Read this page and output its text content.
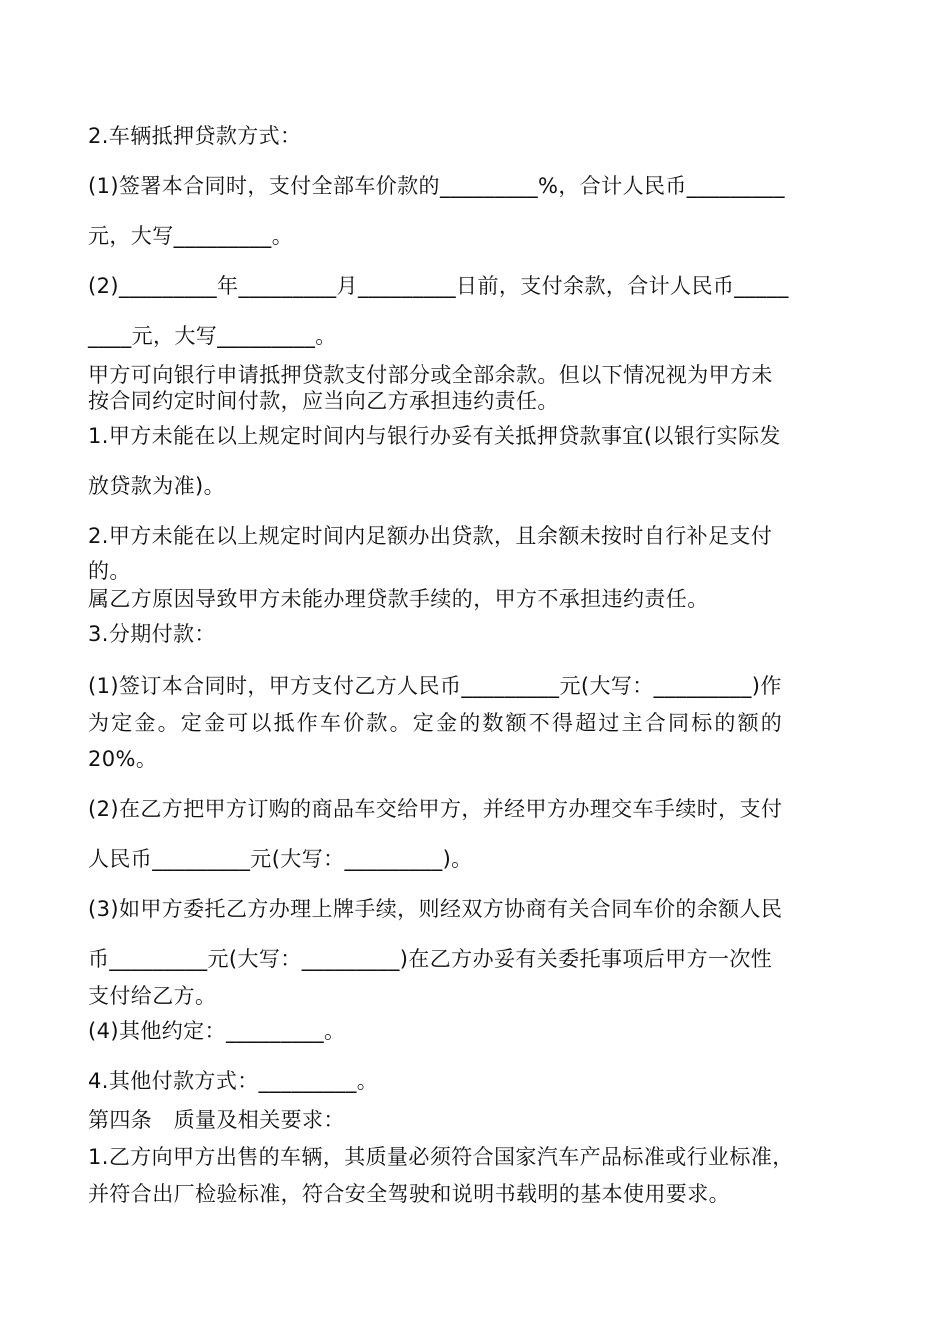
2.车辆抵押贷款方式：
(1)签署本合同时，支付全部车价款的_________%，合计人民币_________
元，大写_________。
(2)_________年_________月_________日前，支付余款，合计人民币_____
____元，大写_________。
甲方可向银行申请抵押贷款支付部分或全部余款。但以下情况视为甲方未
按合同约定时间付款，应当向乙方承担违约责任。
1.甲方未能在以上规定时间内与银行办妥有关抵押贷款事宜(以银行实际发
放贷款为准)。
2.甲方未能在以上规定时间内足额办出贷款，且余额未按时自行补足支付
的。
属乙方原因导致甲方未能办理贷款手续的，甲方不承担违约责任。
3.分期付款：
(1)签订本合同时，甲方支付乙方人民币_________元(大写：_________)作
为定金。定金可以抵作车价款。定金的数额不得超过主合同标的额的
20%。
(2)在乙方把甲方订购的商品车交给甲方，并经甲方办理交车手续时，支付
人民币_________元(大写：_________)。
(3)如甲方委托乙方办理上牌手续，则经双方协商有关合同车价的余额人民
币_________元(大写：_________)在乙方办妥有关委托事项后甲方一次性
支付给乙方。
(4)其他约定：_________。
4.其他付款方式：_________。
第四条　质量及相关要求：
1.乙方向甲方出售的车辆，其质量必须符合国家汽车产品标准或行业标准，
并符合出厂检验标准，符合安全驾驶和说明书载明的基本使用要求。
